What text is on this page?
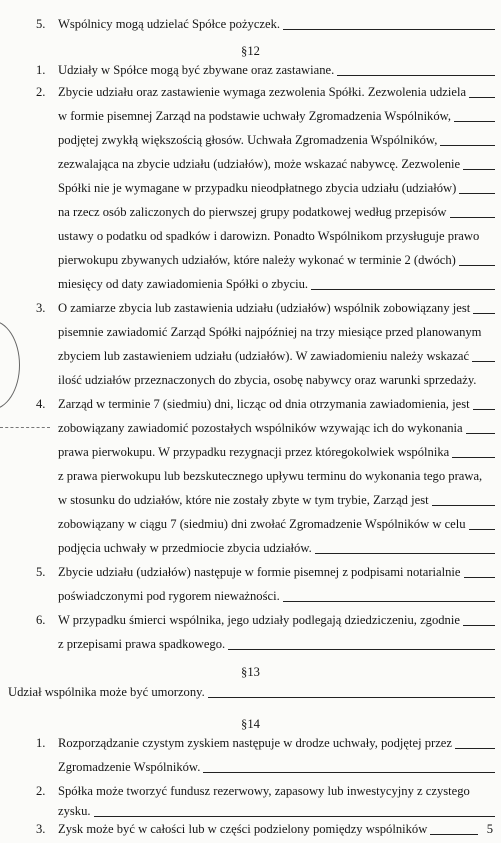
5. Wspólnicy mogą udzielać Spółce pożyczek.
§12
1. Udziały w Spółce mogą być zbywane oraz zastawiane.
2. Zbycie udziału oraz zastawienie wymaga zezwolenia Spółki. Zezwolenia udziela
w formie pisemnej Zarząd na podstawie uchwały Zgromadzenia Wspólników,
podjętej zwykłą większością głosów. Uchwała Zgromadzenia Wspólników,
zezwalająca na zbycie udziału (udziałów), może wskazać nabywcę. Zezwolenie
Spółki nie je wymagane w przypadku nieodpłatnego zbycia udziału (udziałów)
na rzecz osób zaliczonych do pierwszej grupy podatkowej według przepisów
ustawy o podatku od spadków i darowizn. Ponadto Wspólnikom przysługuje prawo
pierwokupu zbywanych udziałów, które należy wykonać w terminie 2 (dwóch)
miesięcy od daty zawiadomienia Spółki o zbyciu.
3. O zamiarze zbycia lub zastawienia udziału (udziałów) wspólnik zobowiązany jest
pisemnie zawiadomić Zarząd Spółki najpóźniej na trzy miesiące przed planowanym
zbyciem lub zastawieniem udziału (udziałów). W zawiadomieniu należy wskazać
ilość udziałów przeznaczonych do zbycia, osobę nabywcy oraz warunki sprzedaży.
4. Zarząd w terminie 7 (siedmiu) dni, licząc od dnia otrzymania zawiadomienia, jest
zobowiązany zawiadomić pozostałych wspólników wzywając ich do wykonania
prawa pierwokupu. W przypadku rezygnacji przez któregokolwiek wspólnika
z prawa pierwokupu lub bezskutecznego upływu terminu do wykonania tego prawa,
w stosunku do udziałów, które nie zostały zbyte w tym trybie, Zarząd jest
zobowiązany w ciągu 7 (siedmiu) dni zwołać Zgromadzenie Wspólników w celu
podjęcia uchwały w przedmiocie zbycia udziałów.
5. Zbycie udziału (udziałów) następuje w formie pisemnej z podpisami notarialnie
poświadczonymi pod rygorem nieważności.
6. W przypadku śmierci wspólnika, jego udziały podlegają dziedziczeniu, zgodnie
z przepisami prawa spadkowego.
§13
Udział wspólnika może być umorzony.
§14
1. Rozporządzanie czystym zyskiem następuje w drodze uchwały, podjętej przez
Zgromadzenie Wspólników.
2. Spółka może tworzyć fundusz rezerwowy, zapasowy lub inwestycyjny z czystego
zysku.
3. Zysk może być w całości lub w części podzielony pomiędzy wspólników	5
